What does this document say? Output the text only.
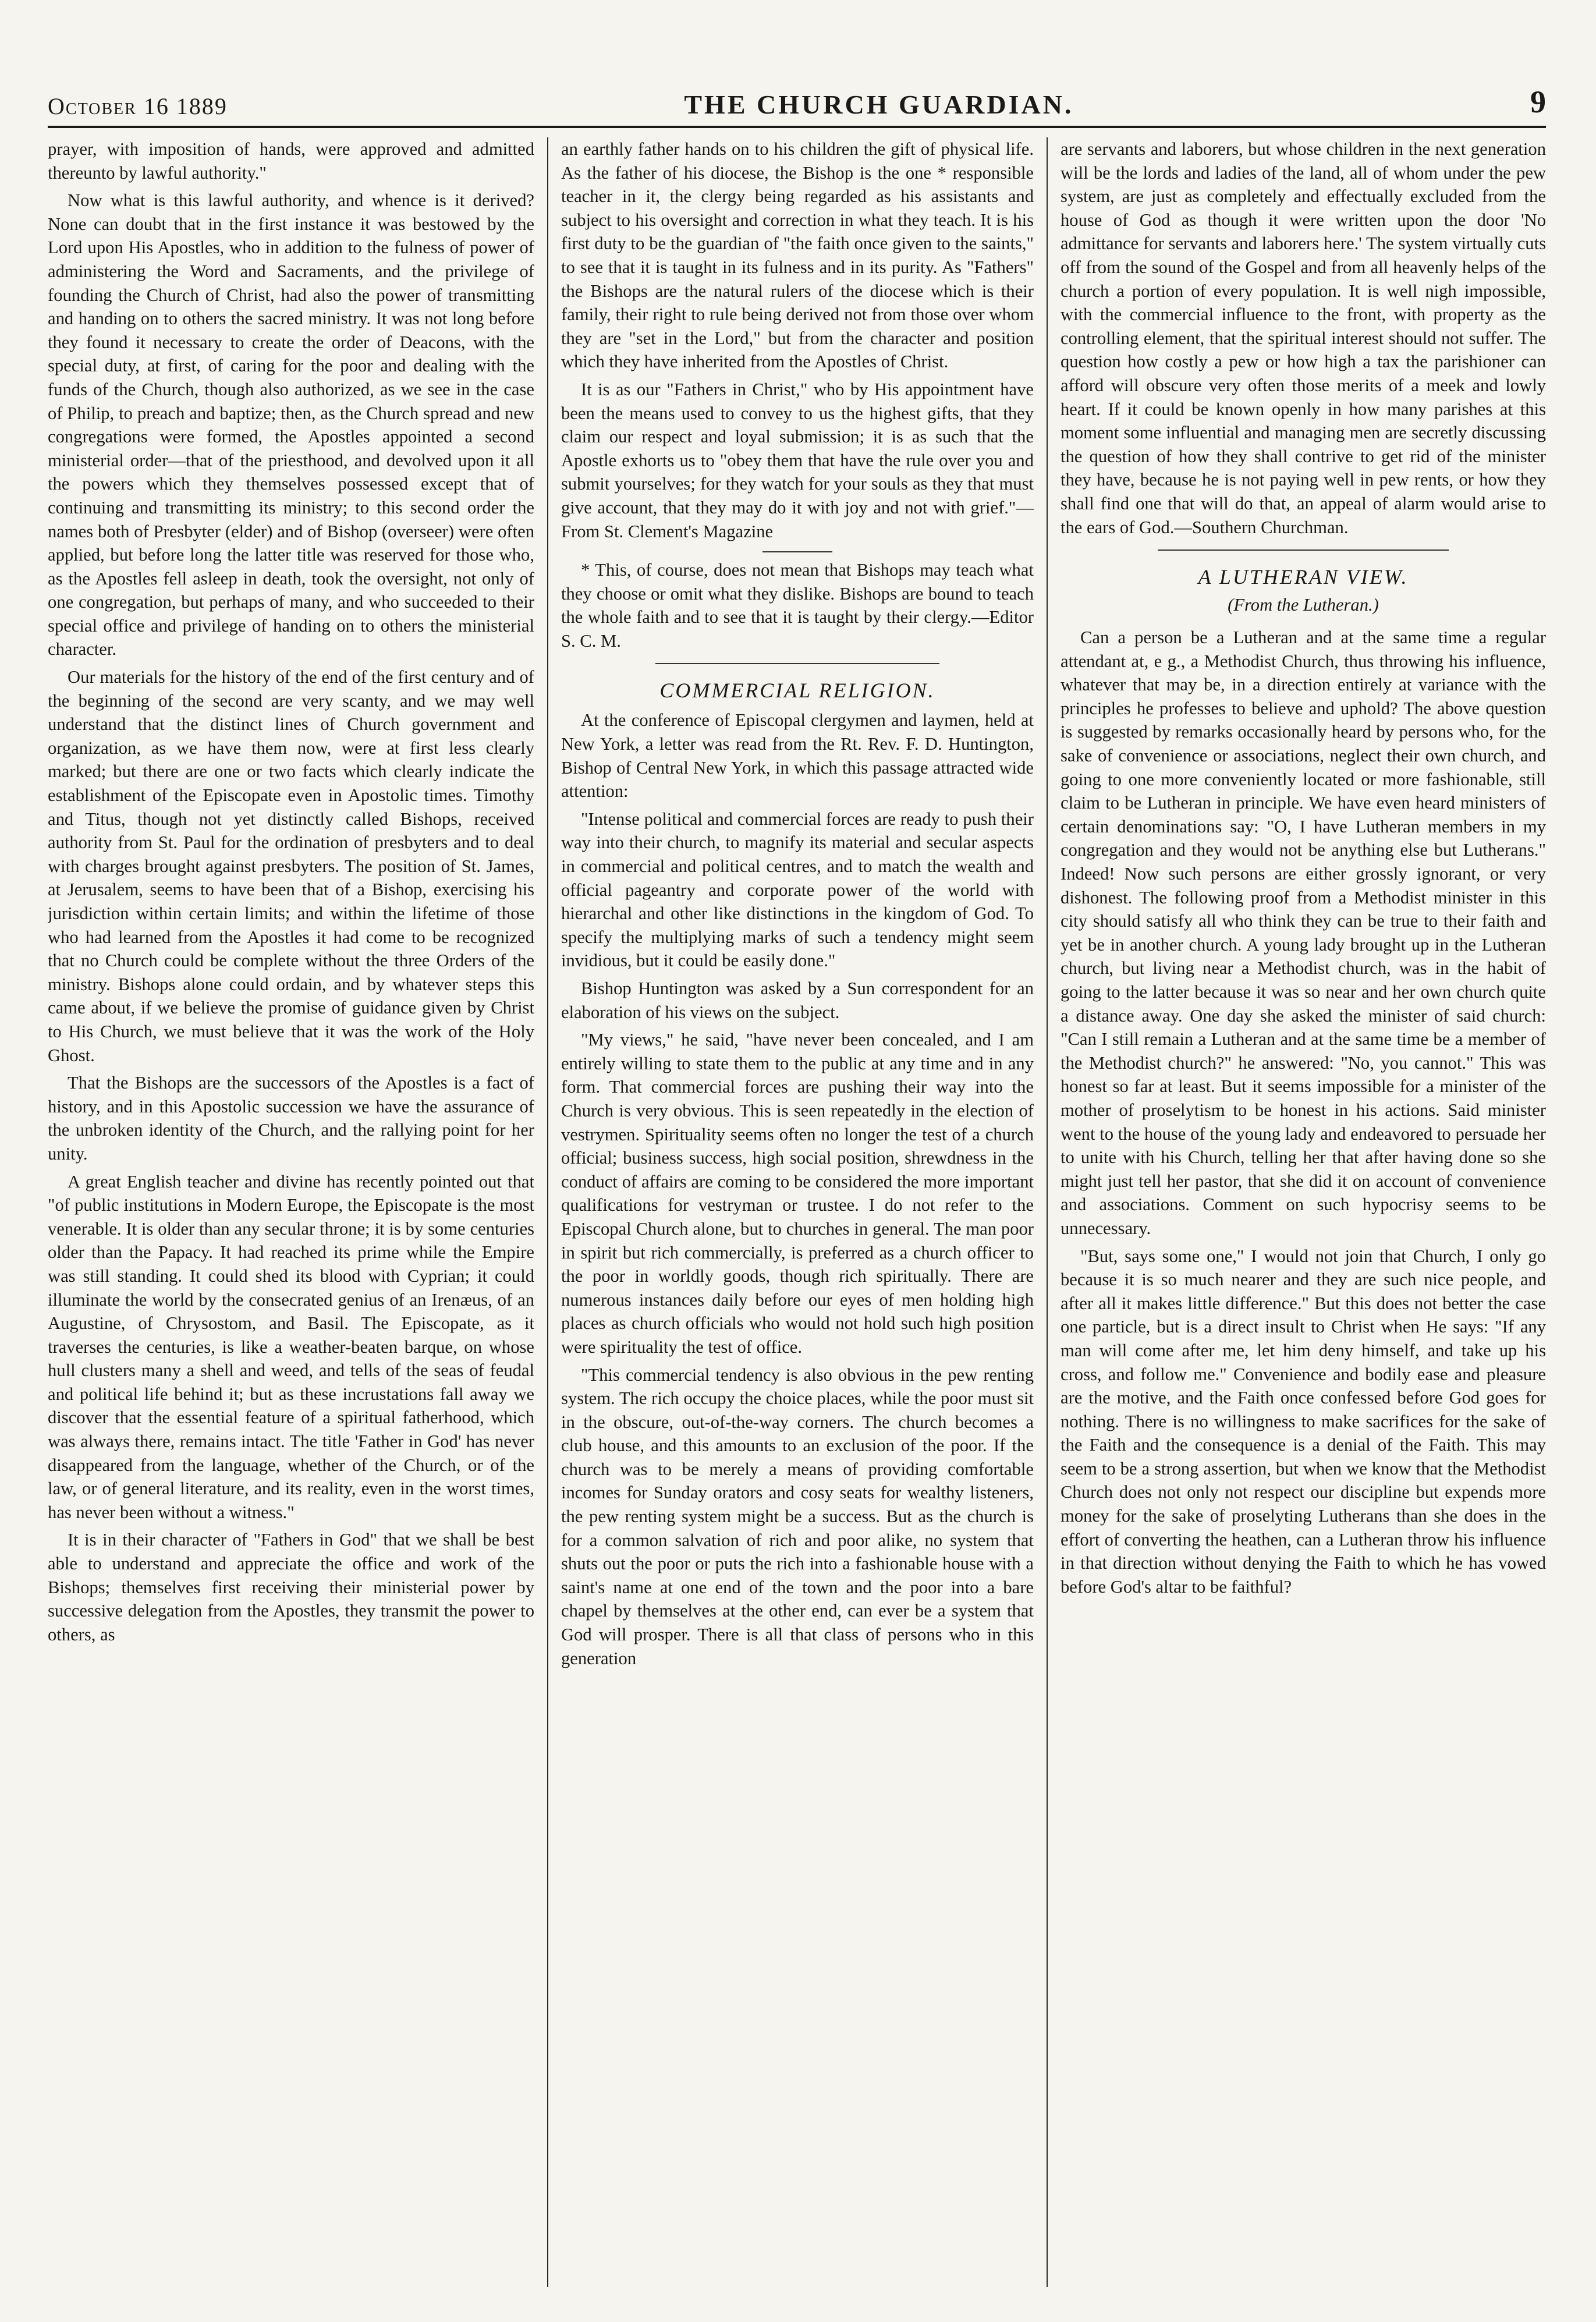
October 16 1889	THE CHURCH GUARDIAN.	9

prayer, with imposition of hands, were approved and admitted thereunto by lawful authority."

Now what is this lawful authority, and whence is it derived? None can doubt that in the first instance it was bestowed by the Lord upon His Apostles, who in addition to the fulness of power of administering the Word and Sacraments, and the privilege of founding the Church of Christ, had also the power of transmitting and handing on to others the sacred ministry. It was not long before they found it necessary to create the order of Deacons, with the special duty, at first, of caring for the poor and dealing with the funds of the Church, though also authorized, as we see in the case of Philip, to preach and baptize; then, as the Church spread and new congregations were formed, the Apostles appointed a second ministerial order—that of the priesthood, and devolved upon it all the powers which they themselves possessed except that of continuing and transmitting its ministry; to this second order the names both of Presbyter (elder) and of Bishop (overseer) were often applied, but before long the latter title was reserved for those who, as the Apostles fell asleep in death, took the oversight, not only of one congregation, but perhaps of many, and who succeeded to their special office and privilege of handing on to others the ministerial character.

Our materials for the history of the end of the first century and of the beginning of the second are very scanty, and we may well understand that the distinct lines of Church government and organization, as we have them now, were at first less clearly marked; but there are one or two facts which clearly indicate the establishment of the Episcopate even in Apostolic times. Timothy and Titus, though not yet distinctly called Bishops, received authority from St. Paul for the ordination of presbyters and to deal with charges brought against presbyters. The position of St. James, at Jerusalem, seems to have been that of a Bishop, exercising his jurisdiction within certain limits; and within the lifetime of those who had learned from the Apostles it had come to be recognized that no Church could be complete without the three Orders of the ministry. Bishops alone could ordain, and by whatever steps this came about, if we believe the promise of guidance given by Christ to His Church, we must believe that it was the work of the Holy Ghost.

That the Bishops are the successors of the Apostles is a fact of history, and in this Apostolic succession we have the assurance of the unbroken identity of the Church, and the rallying point for her unity.

A great English teacher and divine has recently pointed out that "of public institutions in Modern Europe, the Episcopate is the most venerable. It is older than any secular throne; it is by some centuries older than the Papacy. It had reached its prime while the Empire was still standing. It could shed its blood with Cyprian; it could illuminate the world by the consecrated genius of an Irenæus, of an Augustine, of Chrysostom, and Basil. The Episcopate, as it traverses the centuries, is like a weather-beaten barque, on whose hull clusters many a shell and weed, and tells of the seas of feudal and political life behind it; but as these incrustations fall away we discover that the essential feature of a spiritual fatherhood, which was always there, remains intact. The title 'Father in God' has never disappeared from the language, whether of the Church, or of the law, or of general literature, and its reality, even in the worst times, has never been without a witness."

It is in their character of "Fathers in God" that we shall be best able to understand and appreciate the office and work of the Bishops; themselves first receiving their ministerial power by successive delegation from the Apostles, they transmit the power to others, as

an earthly father hands on to his children the gift of physical life. As the father of his diocese, the Bishop is the one * responsible teacher in it, the clergy being regarded as his assistants and subject to his oversight and correction in what they teach. It is his first duty to be the guardian of "the faith once given to the saints," to see that it is taught in its fulness and in its purity. As "Fathers" the Bishops are the natural rulers of the diocese which is their family, their right to rule being derived not from those over whom they are "set in the Lord," but from the character and position which they have inherited from the Apostles of Christ.

It is as our "Fathers in Christ," who by His appointment have been the means used to convey to us the highest gifts, that they claim our respect and loyal submission; it is as such that the Apostle exhorts us to "obey them that have the rule over you and submit yourselves; for they watch for your souls as they that must give account, that they may do it with joy and not with grief."—From St. Clement's Magazine

* This, of course, does not mean that Bishops may teach what they choose or omit what they dislike. Bishops are bound to teach the whole faith and to see that it is taught by their clergy.—Editor S. C. M.

COMMERCIAL RELIGION.

At the conference of Episcopal clergymen and laymen, held at New York, a letter was read from the Rt. Rev. F. D. Huntington, Bishop of Central New York, in which this passage attracted wide attention:

"Intense political and commercial forces are ready to push their way into their church, to magnify its material and secular aspects in commercial and political centres, and to match the wealth and official pageantry and corporate power of the world with hierarchal and other like distinctions in the kingdom of God. To specify the multiplying marks of such a tendency might seem invidious, but it could be easily done."

Bishop Huntington was asked by a Sun correspondent for an elaboration of his views on the subject.

"My views," he said, "have never been concealed, and I am entirely willing to state them to the public at any time and in any form. That commercial forces are pushing their way into the Church is very obvious. This is seen repeatedly in the election of vestrymen. Spirituality seems often no longer the test of a church official; business success, high social position, shrewdness in the conduct of affairs are coming to be considered the more important qualifications for vestryman or trustee. I do not refer to the Episcopal Church alone, but to churches in general. The man poor in spirit but rich commercially, is preferred as a church officer to the poor in worldly goods, though rich spiritually. There are numerous instances daily before our eyes of men holding high places as church officials who would not hold such high position were spirituality the test of office.

"This commercial tendency is also obvious in the pew renting system. The rich occupy the choice places, while the poor must sit in the obscure, out-of-the-way corners. The church becomes a club house, and this amounts to an exclusion of the poor. If the church was to be merely a means of providing comfortable incomes for Sunday orators and cosy seats for wealthy listeners, the pew renting system might be a success. But as the church is for a common salvation of rich and poor alike, no system that shuts out the poor or puts the rich into a fashionable house with a saint's name at one end of the town and the poor into a bare chapel by themselves at the other end, can ever be a system that God will prosper. There is all that class of persons who in this generation

are servants and laborers, but whose children in the next generation will be the lords and ladies of the land, all of whom under the pew system, are just as completely and effectually excluded from the house of God as though it were written upon the door 'No admittance for servants and laborers here.' The system virtually cuts off from the sound of the Gospel and from all heavenly helps of the church a portion of every population. It is well nigh impossible, with the commercial influence to the front, with property as the controlling element, that the spiritual interest should not suffer. The question how costly a pew or how high a tax the parishioner can afford will obscure very often those merits of a meek and lowly heart. If it could be known openly in how many parishes at this moment some influential and managing men are secretly discussing the question of how they shall contrive to get rid of the minister they have, because he is not paying well in pew rents, or how they shall find one that will do that, an appeal of alarm would arise to the ears of God.—Southern Churchman.

A LUTHERAN VIEW.
(From the Lutheran.)

Can a person be a Lutheran and at the same time a regular attendant at, e g., a Methodist Church, thus throwing his influence, whatever that may be, in a direction entirely at variance with the principles he professes to believe and uphold? The above question is suggested by remarks occasionally heard by persons who, for the sake of convenience or associations, neglect their own church, and going to one more conveniently located or more fashionable, still claim to be Lutheran in principle. We have even heard ministers of certain denominations say: "O, I have Lutheran members in my congregation and they would not be anything else but Lutherans." Indeed! Now such persons are either grossly ignorant, or very dishonest. The following proof from a Methodist minister in this city should satisfy all who think they can be true to their faith and yet be in another church. A young lady brought up in the Lutheran church, but living near a Methodist church, was in the habit of going to the latter because it was so near and her own church quite a distance away. One day she asked the minister of said church: "Can I still remain a Lutheran and at the same time be a member of the Methodist church?" he answered: "No, you cannot." This was honest so far at least. But it seems impossible for a minister of the mother of proselytism to be honest in his actions. Said minister went to the house of the young lady and endeavored to persuade her to unite with his Church, telling her that after having done so she might just tell her pastor, that she did it on account of convenience and associations. Comment on such hypocrisy seems to be unnecessary.

"But, says some one," I would not join that Church, I only go because it is so much nearer and they are such nice people, and after all it makes little difference." But this does not better the case one particle, but is a direct insult to Christ when He says: "If any man will come after me, let him deny himself, and take up his cross, and follow me." Convenience and bodily ease and pleasure are the motive, and the Faith once confessed before God goes for nothing. There is no willingness to make sacrifices for the sake of the Faith and the consequence is a denial of the Faith. This may seem to be a strong assertion, but when we know that the Methodist Church does not only not respect our discipline but expends more money for the sake of proselyting Lutherans than she does in the effort of converting the heathen, can a Lutheran throw his influence in that direction without denying the Faith to which he has vowed before God's altar to be faithful?
